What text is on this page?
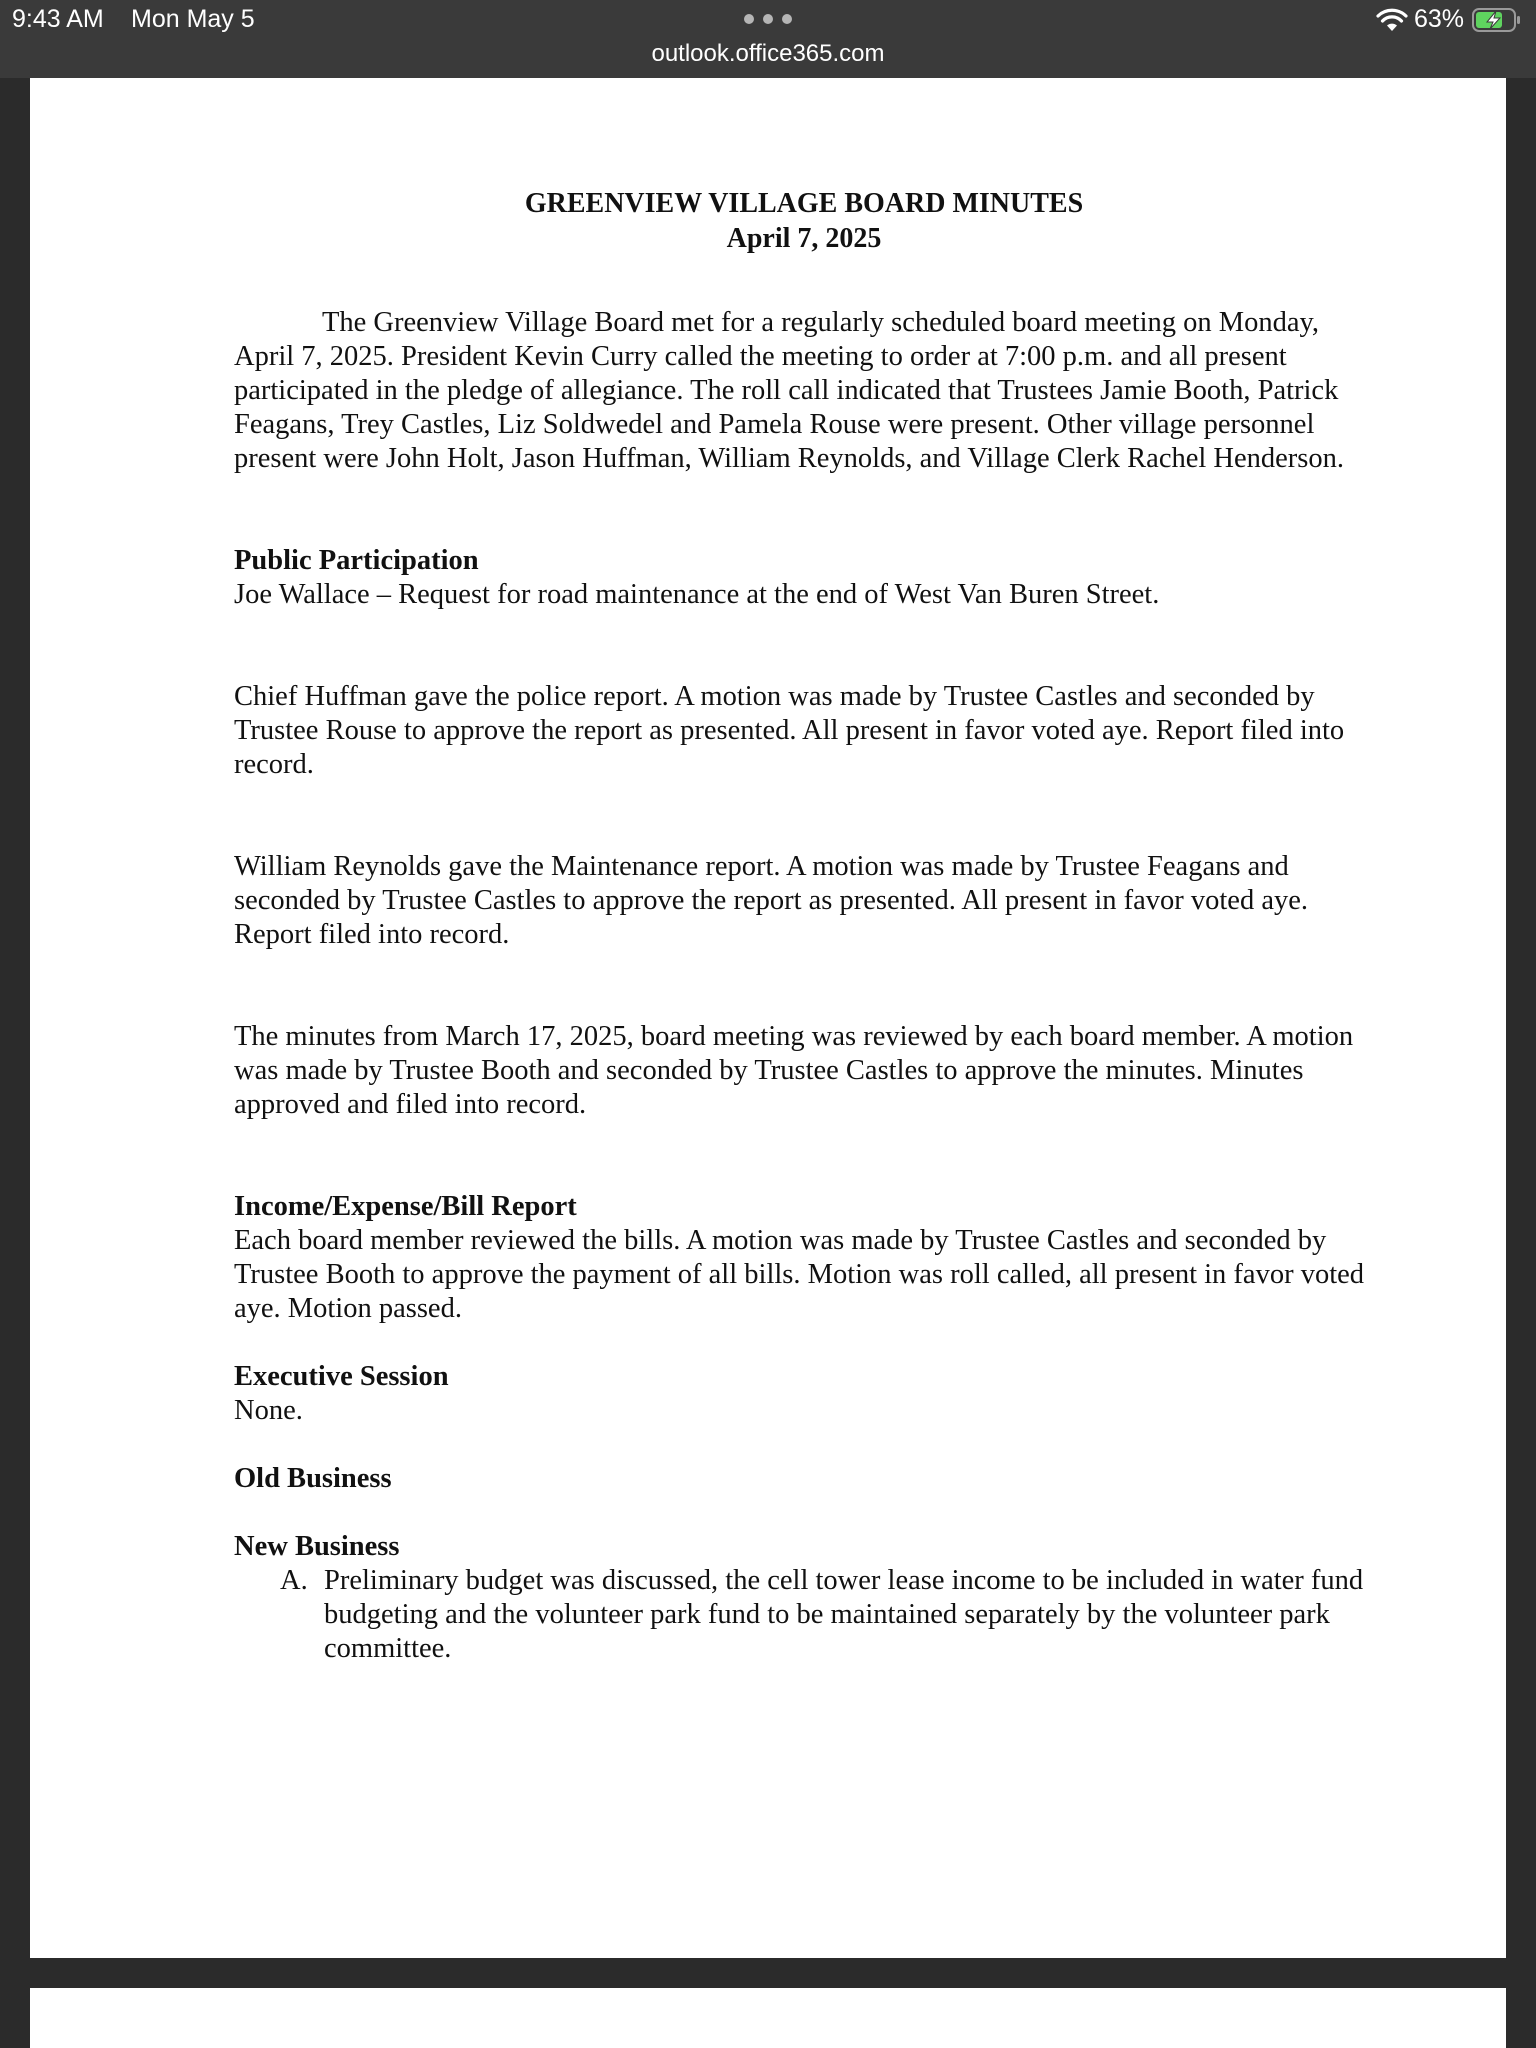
9:43 AM Mon May 5
outlook.office365.com
63%

GREENVIEW VILLAGE BOARD MINUTES

April 7, 2025

The Greenview Village Board met for a regularly scheduled board meeting on Monday, April 7, 2025. President Kevin Curry called the meeting to order at 7:00 p.m. and all present participated in the pledge of allegiance. The roll call indicated that Trustees Jamie Booth, Patrick Feagans, Trey Castles, Liz Soldwedel and Pamela Rouse were present. Other village personnel present were John Holt, Jason Huffman, William Reynolds, and Village Clerk Rachel Henderson.

Public Participation

Joe Wallace – Request for road maintenance at the end of West Van Buren Street.

Chief Huffman gave the police report. A motion was made by Trustee Castles and seconded by Trustee Rouse to approve the report as presented. All present in favor voted aye. Report filed into record.

William Reynolds gave the Maintenance report. A motion was made by Trustee Feagans and seconded by Trustee Castles to approve the report as presented. All present in favor voted aye. Report filed into record.

The minutes from March 17, 2025, board meeting was reviewed by each board member. A motion was made by Trustee Booth and seconded by Trustee Castles to approve the minutes. Minutes approved and filed into record.

Income/Expense/Bill Report

Each board member reviewed the bills. A motion was made by Trustee Castles and seconded by Trustee Booth to approve the payment of all bills. Motion was roll called, all present in favor voted aye. Motion passed.

Executive Session

None.

Old Business

New Business

A. Preliminary budget was discussed, the cell tower lease income to be included in water fund budgeting and the volunteer park fund to be maintained separately by the volunteer park committee.
